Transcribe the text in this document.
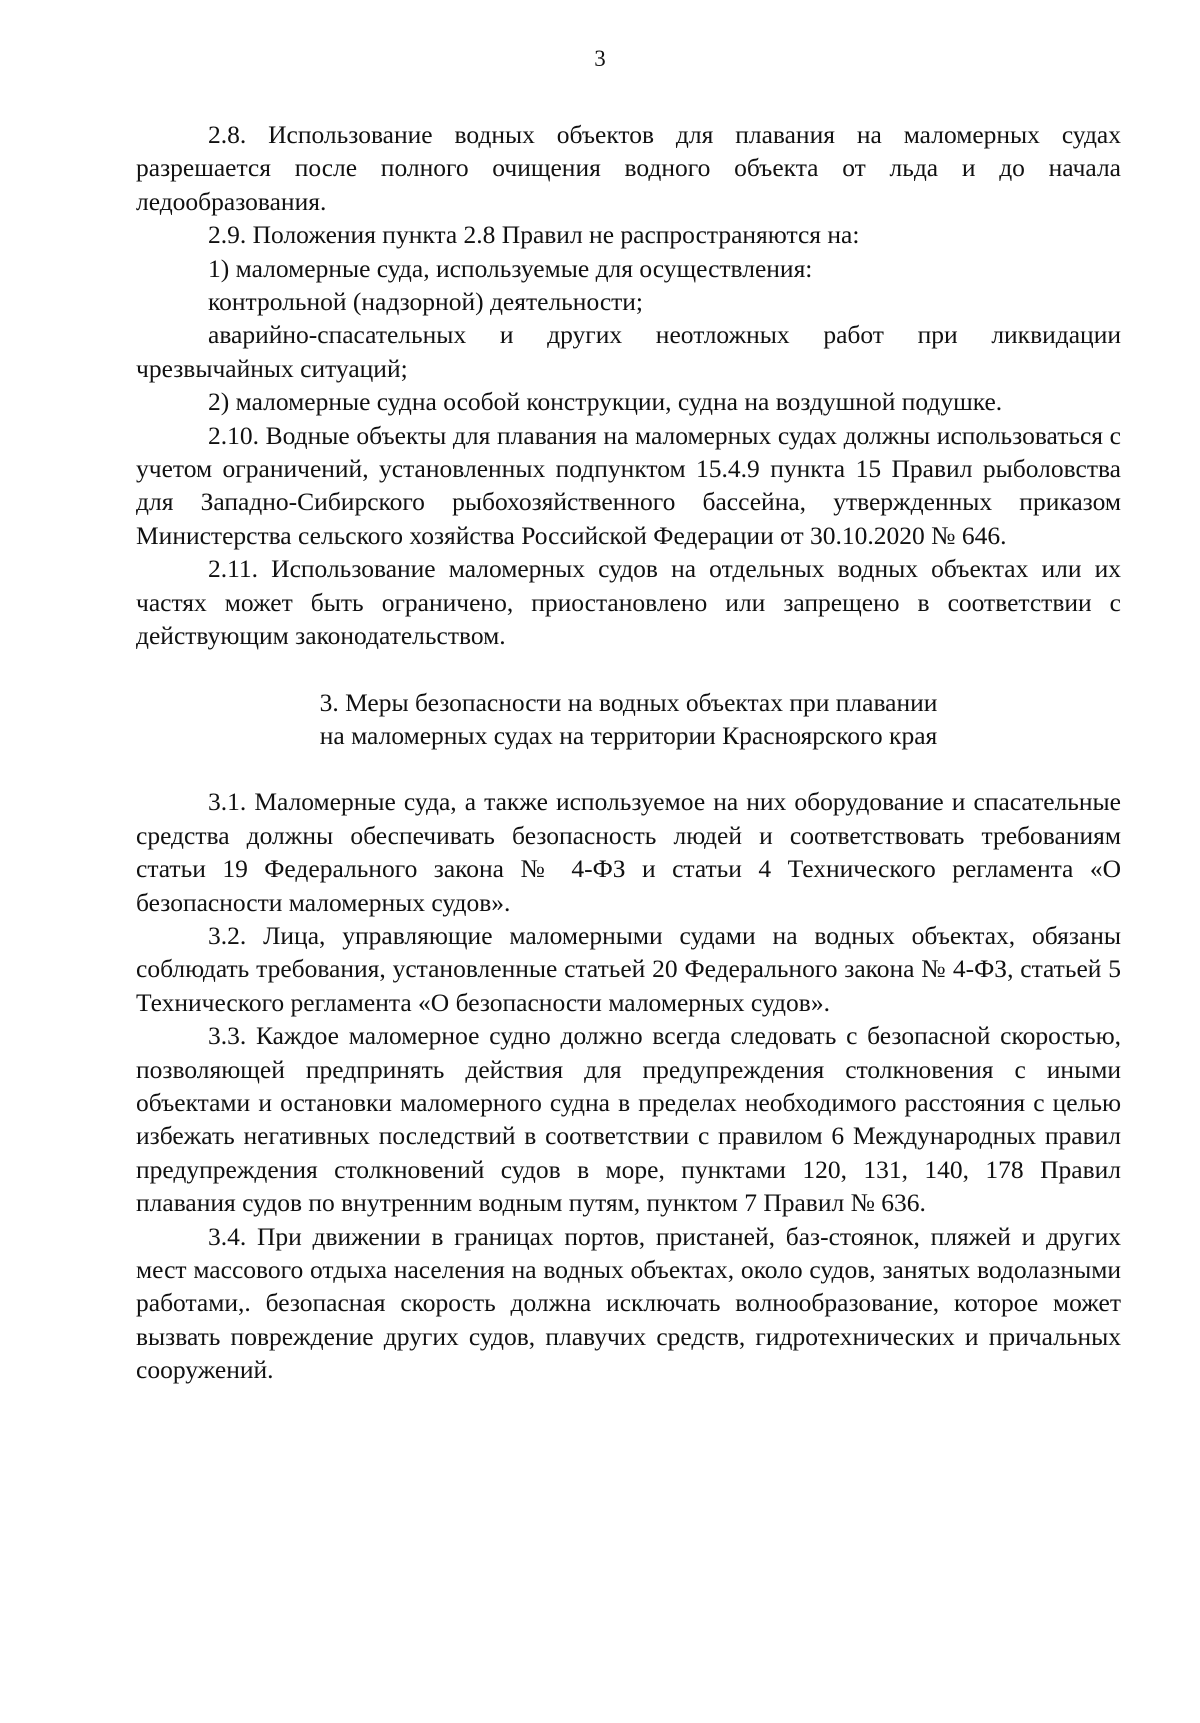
3

2.8. Использование водных объектов для плавания на маломерных судах разрешается после полного очищения водного объекта от льда и до начала ледообразования.

2.9. Положения пункта 2.8 Правил не распространяются на:

1) маломерные суда, используемые для осуществления:

контрольной (надзорной) деятельности;

аварийно-спасательных и других неотложных работ при ликвидации чрезвычайных ситуаций;

2) маломерные судна особой конструкции, судна на воздушной подушке.

2.10. Водные объекты для плавания на маломерных судах должны использоваться с учетом ограничений, установленных подпунктом 15.4.9 пункта 15 Правил рыболовства для Западно-Сибирского рыбохозяйственного бассейна, утвержденных приказом Министерства сельского хозяйства Российской Федерации от 30.10.2020 № 646.

2.11. Использование маломерных судов на отдельных водных объектах или их частях может быть ограничено, приостановлено или запрещено в соответствии с действующим законодательством.

3. Меры безопасности на водных объектах при плавании
на маломерных судах на территории Красноярского края

3.1. Маломерные суда, а также используемое на них оборудование и спасательные средства должны обеспечивать безопасность людей и соответствовать требованиям статьи 19 Федерального закона № 4-ФЗ и статьи 4 Технического регламента «О безопасности маломерных судов».

3.2. Лица, управляющие маломерными судами на водных объектах, обязаны соблюдать требования, установленные статьей 20 Федерального закона № 4-ФЗ, статьей 5 Технического регламента «О безопасности маломерных судов».

3.3. Каждое маломерное судно должно всегда следовать с безопасной скоростью, позволяющей предпринять действия для предупреждения столкновения с иными объектами и остановки маломерного судна в пределах необходимого расстояния с целью избежать негативных последствий в соответствии с правилом 6 Международных правил предупреждения столкновений судов в море, пунктами 120, 131, 140, 178 Правил плавания судов по внутренним водным путям, пунктом 7 Правил № 636.

3.4. При движении в границах портов, пристаней, баз-стоянок, пляжей и других мест массового отдыха населения на водных объектах, около судов, занятых водолазными работами,. безопасная скорость должна исключать волнообразование, которое может вызвать повреждение других судов, плавучих средств, гидротехнических и причальных сооружений.
